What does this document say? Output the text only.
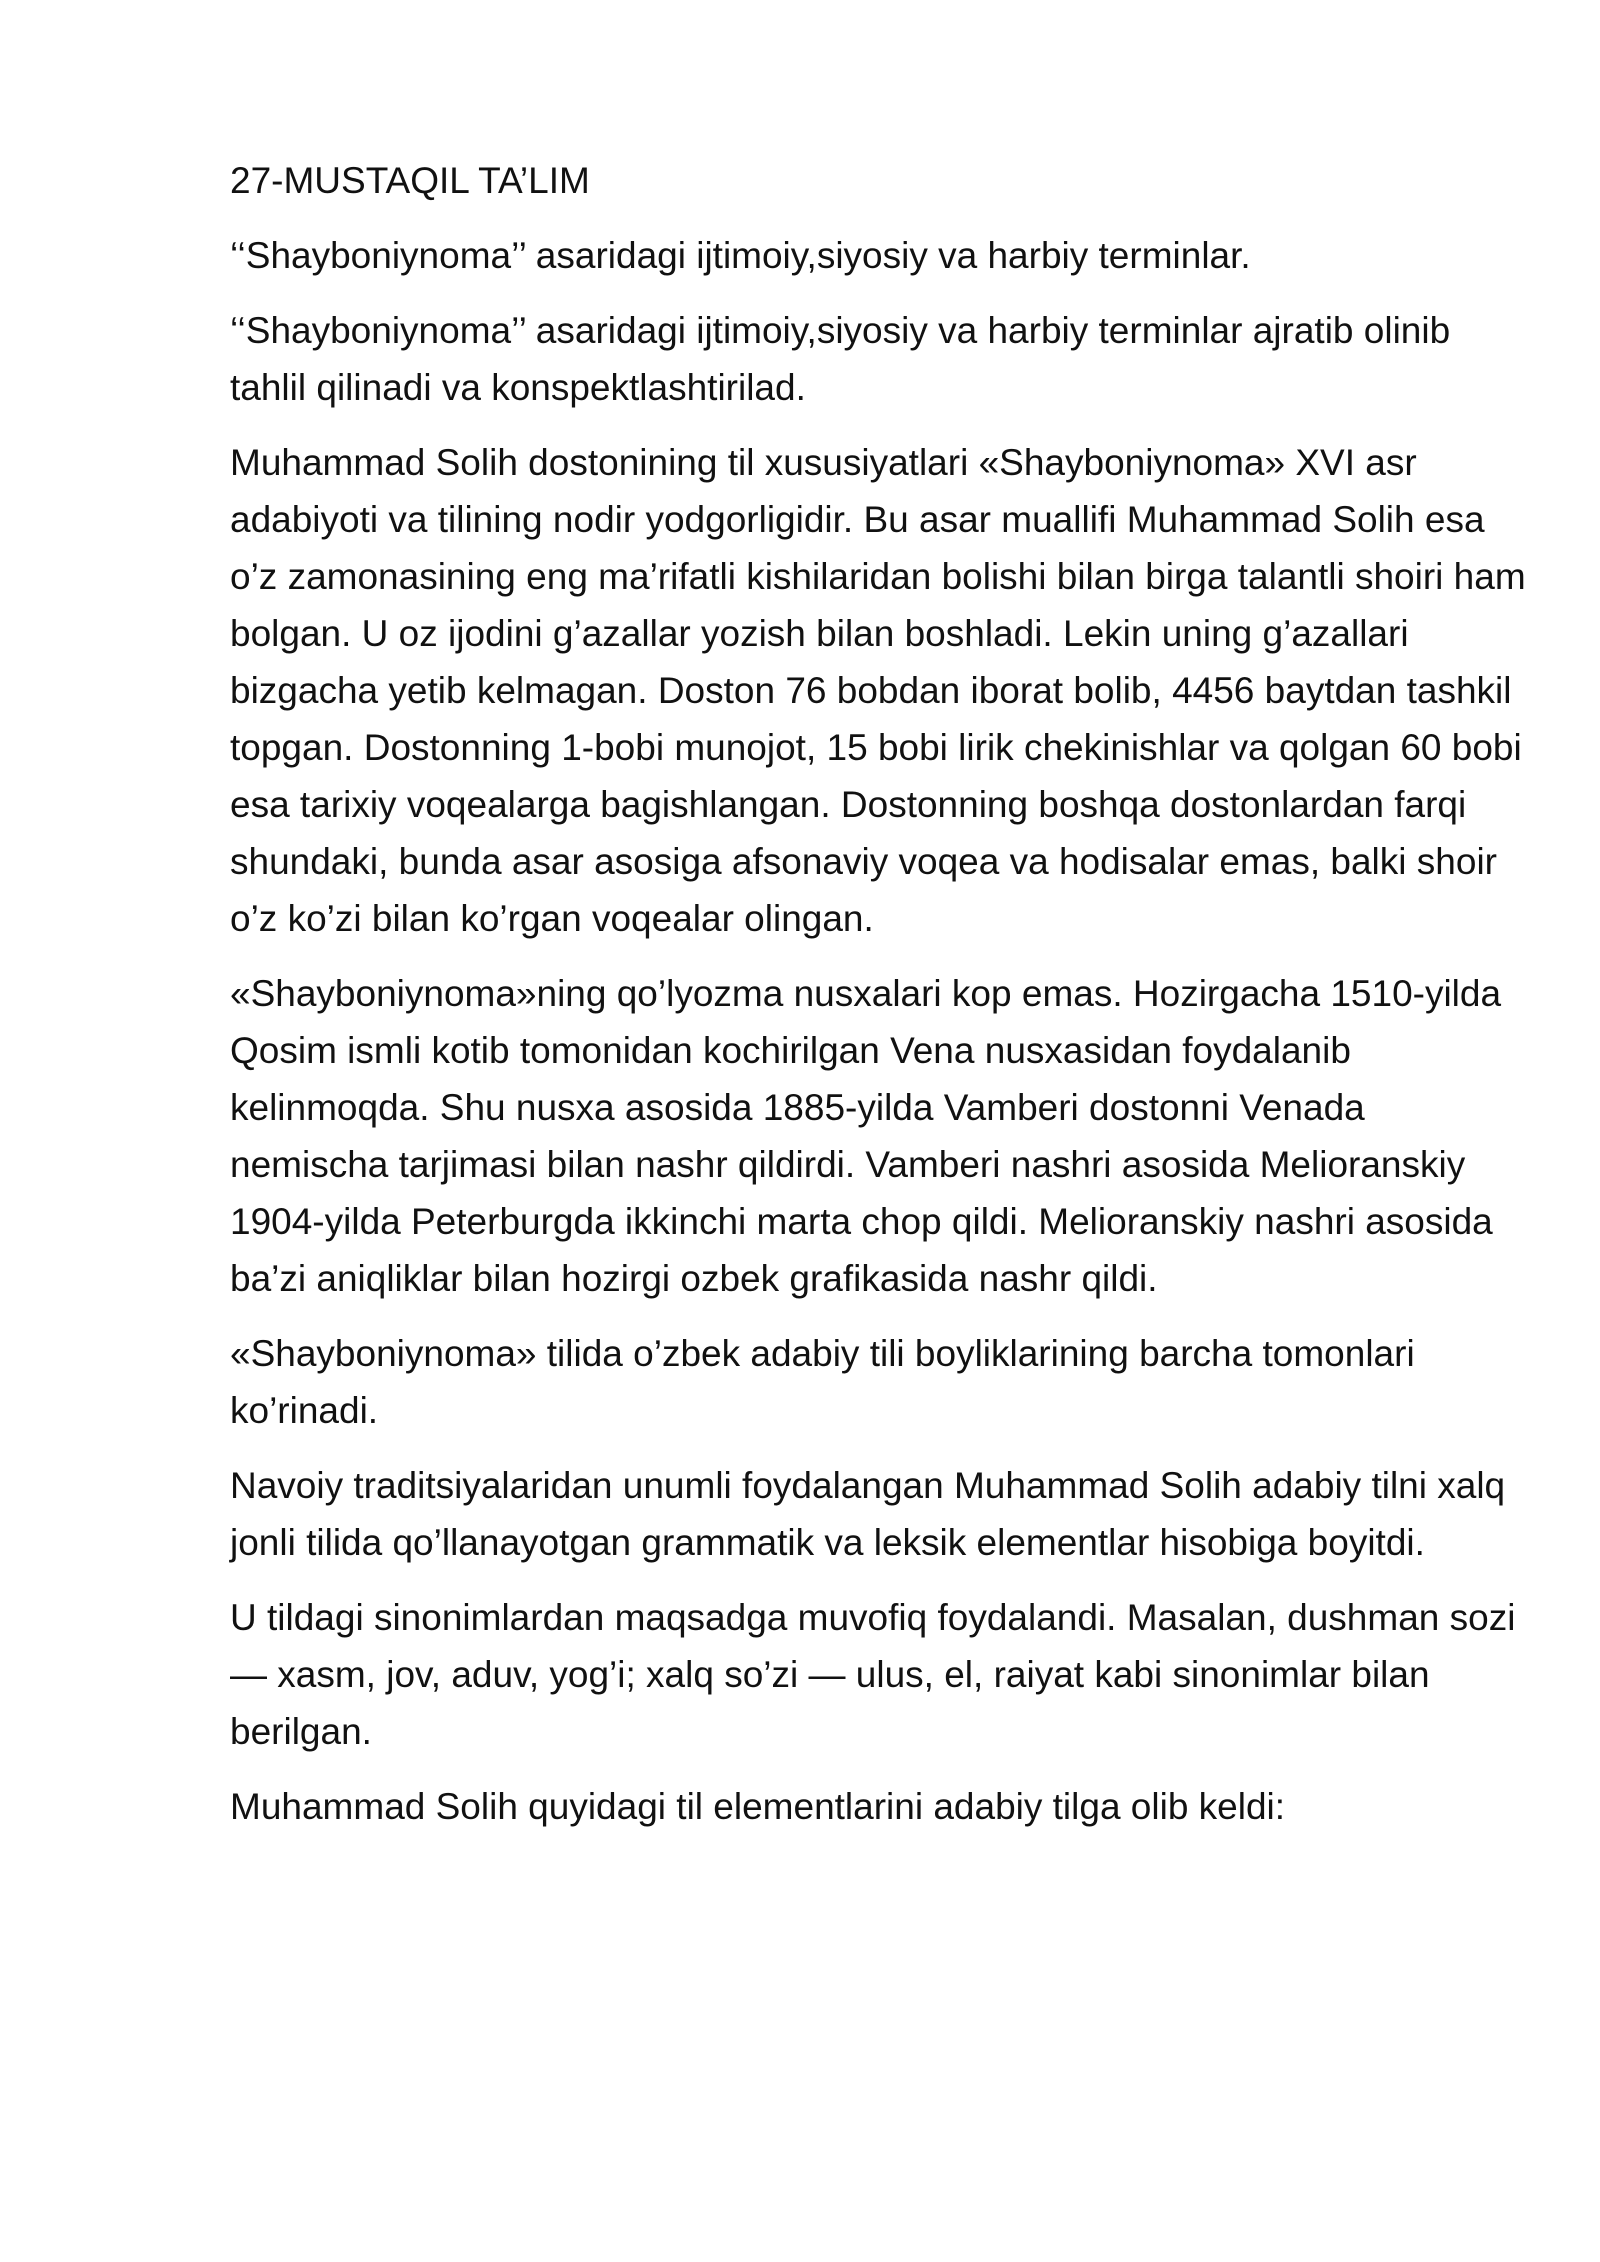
27-MUSTAQIL TA’LIM

‘‘Shayboniynoma’’ asaridagi ijtimoiy,siyosiy va harbiy terminlar.

‘‘Shayboniynoma’’ asaridagi ijtimoiy,siyosiy va harbiy terminlar ajratib olinib tahlil qilinadi va konspektlashtirilad.

Muhammad Solih dostonining til xususiyatlari «Shayboniynoma» XVI asr adabiyoti va tilining nodir yodgorligidir. Bu asar muallifi Muhammad Solih esa o’z zamonasining eng ma’rifatli kishilaridan bolishi bilan birga talantli shoiri ham bolgan. U oz ijodini g’azallar yozish bilan boshladi. Lekin uning g’azallari bizgacha yetib kelmagan. Doston 76 bobdan iborat bolib, 4456 baytdan tashkil topgan. Dostonning 1-bobi munojot, 15 bobi lirik chekinishlar va qolgan 60 bobi esa tarixiy voqealarga bagishlangan. Dostonning boshqa dostonlardan farqi shundaki, bunda asar asosiga afsonaviy voqea va hodisalar emas, balki shoir o’z ko’zi bilan ko’rgan voqealar olingan.

«Shayboniynoma»ning qo’lyozma nusxalari kop emas. Hozirgacha 1510-yilda Qosim ismli kotib tomonidan kochirilgan Vena nusxasidan foydalanib kelinmoqda. Shu nusxa asosida 1885-yilda Vamberi dostonni Venada nemischa tarjimasi bilan nashr qildirdi. Vamberi nashri asosida Melioranskiy 1904-yilda Peterburgda ikkinchi marta chop qildi. Melioranskiy nashri asosida ba’zi aniqliklar bilan hozirgi ozbek grafikasida nashr qildi.

«Shayboniynoma» tilida o’zbek adabiy tili boyliklarining barcha tomonlari ko’rinadi.

Navoiy traditsiyalaridan unumli foydalangan Muhammad Solih adabiy tilni xalq jonli tilida qo’llanayotgan grammatik va leksik elementlar hisobiga boyitdi.

U tildagi sinonimlardan maqsadga muvofiq foydalandi. Masalan, dushman sozi — xasm, jov, aduv, yog’i; xalq so’zi — ulus, el, raiyat kabi sinonimlar bilan berilgan.

Muhammad Solih quyidagi til elementlarini adabiy tilga olib keldi:
